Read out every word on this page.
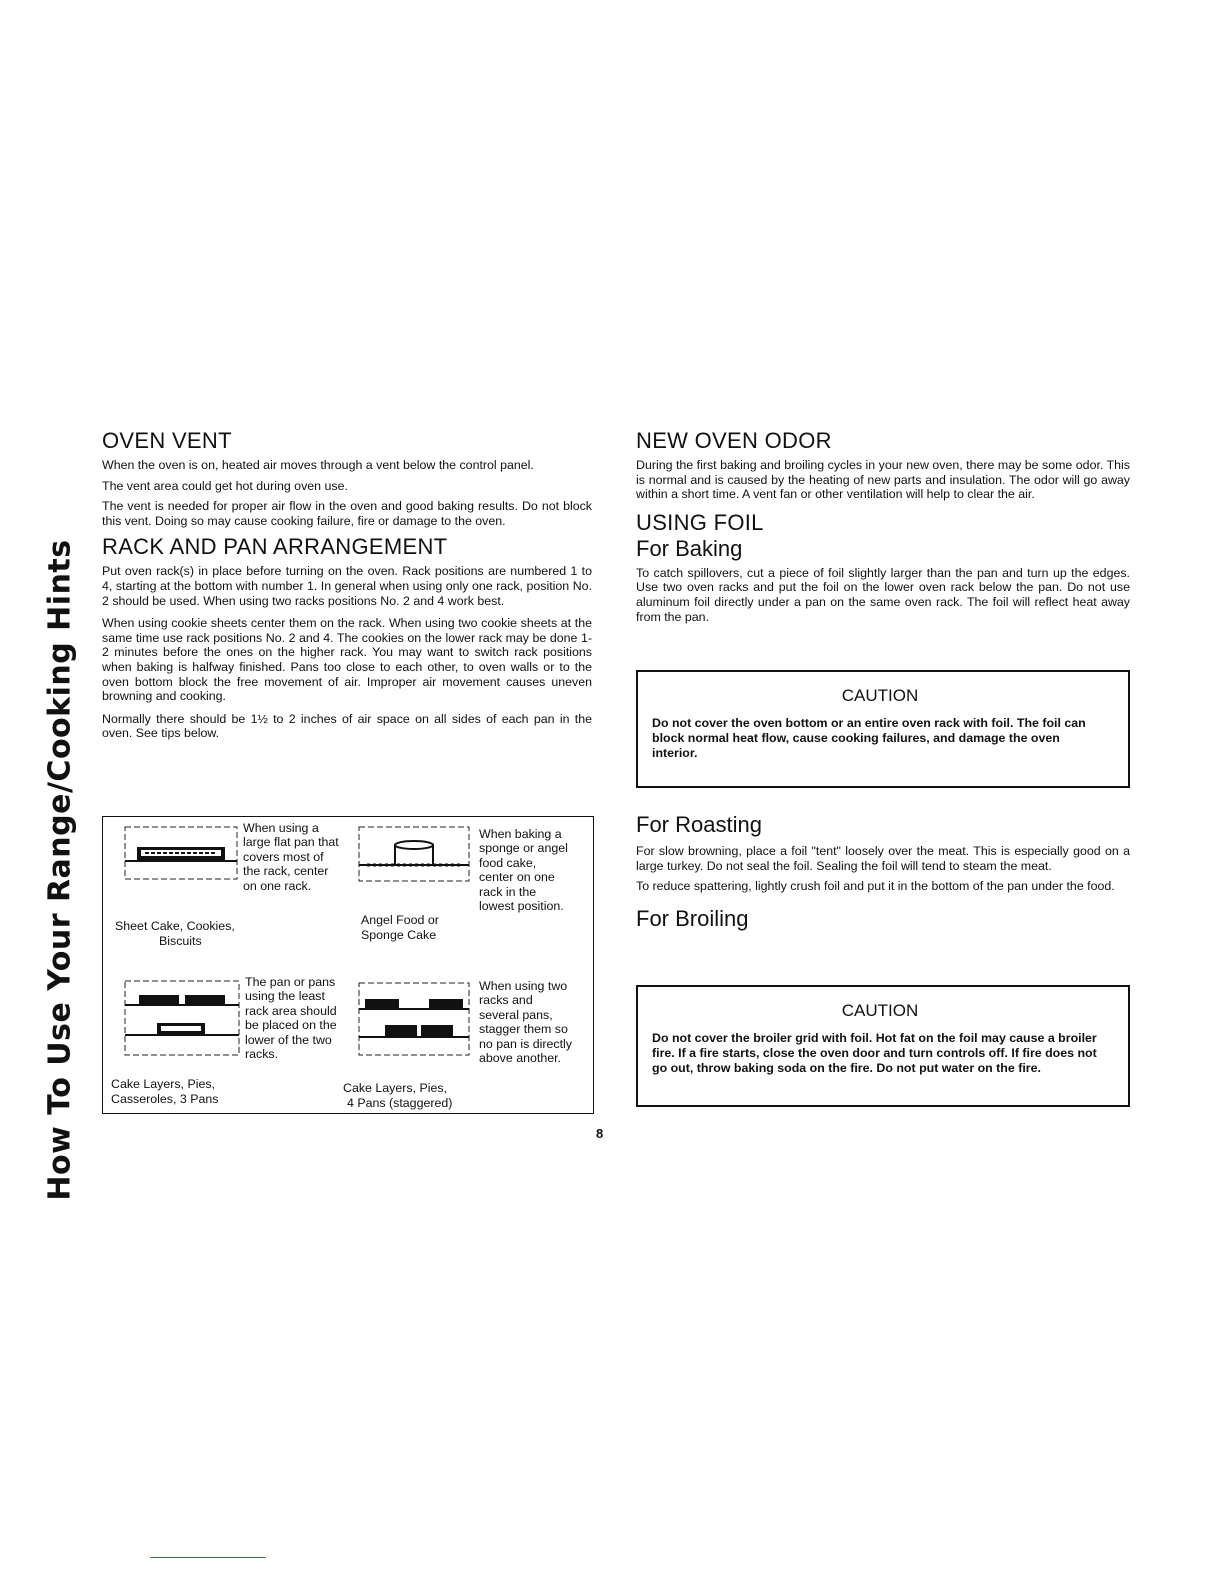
How To Use Your Range/Cooking Hints
OVEN VENT

When the oven is on, heated air moves through a vent below the control panel.

The vent area could get hot during oven use.

The vent is needed for proper air flow in the oven and good baking results. Do not block this vent. Doing so may cause cooking failure, fire or damage to the oven.

RACK AND PAN ARRANGEMENT

Put oven rack(s) in place before turning on the oven. Rack positions are numbered 1 to 4, starting at the bottom with number 1. In general when using only one rack, position No. 2 should be used. When using two racks positions No. 2 and 4 work best.

When using cookie sheets center them on the rack. When using two cookie sheets at the same time use rack positions No. 2 and 4. The cookies on the lower rack may be done 1-2 minutes before the ones on the higher rack. You may want to switch rack positions when baking is halfway finished. Pans too close to each other, to oven walls or to the oven bottom block the free movement of air. Improper air movement causes uneven browning and cooking.

Normally there should be 1½ to 2 inches of air space on all sides of each pan in the oven. See tips below.

When using a large flat pan that covers most of the rack, center on one rack.
Sheet Cake, Cookies,
Biscuits
When baking a sponge or angel food cake, center on one rack in the lowest position.
Angel Food or
Sponge Cake
The pan or pans using the least rack area should be placed on the lower of the two racks.
Cake Layers, Pies,
Casseroles, 3 Pans
When using two racks and several pans, stagger them so no pan is directly above another.
Cake Layers, Pies,
4 Pans (staggered)
NEW OVEN ODOR

During the first baking and broiling cycles in your new oven, there may be some odor. This is normal and is caused by the heating of new parts and insulation. The odor will go away within a short time. A vent fan or other ventilation will help to clear the air.

USING FOIL
For Baking

To catch spillovers, cut a piece of foil slightly larger than the pan and turn up the edges. Use two oven racks and put the foil on the lower oven rack below the pan. Do not use aluminum foil directly under a pan on the same oven rack. The foil will reflect heat away from the pan.

CAUTION
Do not cover the oven bottom or an entire oven rack with foil. The foil can block normal heat flow, cause cooking failures, and damage the oven interior.
For Roasting

For slow browning, place a foil "tent" loosely over the meat. This is especially good on a large turkey. Do not seal the foil. Sealing the foil will tend to steam the meat.

To reduce spattering, lightly crush foil and put it in the bottom of the pan under the food.

For Broiling
CAUTION
Do not cover the broiler grid with foil. Hot fat on the foil may cause a broiler fire. If a fire starts, close the oven door and turn controls off. If fire does not go out, throw baking soda on the fire. Do not put water on the fire.
8
